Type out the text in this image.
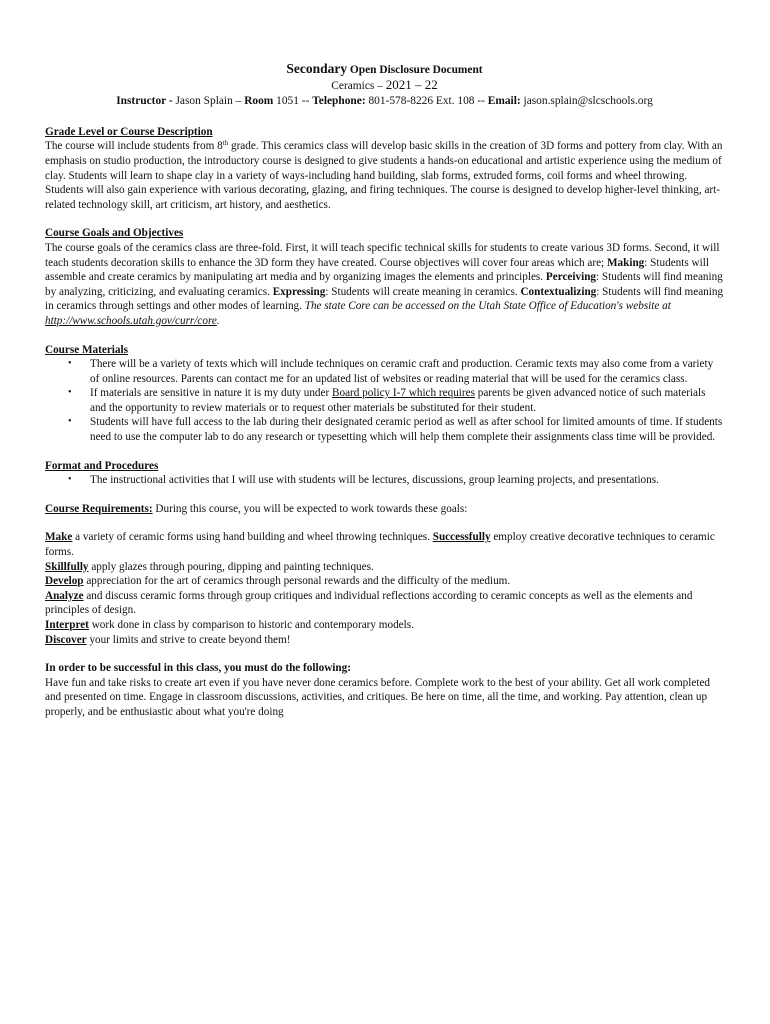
Secondary Open Disclosure Document
Ceramics – 2021 – 22
Instructor - Jason Splain – Room 1051 -- Telephone: 801-578-8226 Ext. 108 -- Email: jason.splain@slcschools.org
Grade Level or Course Description

The course will include students from 8th grade. This ceramics class will develop basic skills in the creation of 3D forms and pottery from clay. With an emphasis on studio production, the introductory course is designed to give students a hands-on educational and artistic experience using the medium of clay. Students will learn to shape clay in a variety of ways-including hand building, slab forms, extruded forms, coil forms and wheel throwing. Students will also gain experience with various decorating, glazing, and firing techniques. The course is designed to develop higher-level thinking, art-related technology skill, art criticism, art history, and aesthetics.

Course Goals and Objectives

The course goals of the ceramics class are three-fold. First, it will teach specific technical skills for students to create various 3D forms. Second, it will teach students decoration skills to enhance the 3D form they have created. Course objectives will cover four areas which are; Making: Students will assemble and create ceramics by manipulating art media and by organizing images the elements and principles. Perceiving: Students will find meaning by analyzing, criticizing, and evaluating ceramics. Expressing: Students will create meaning in ceramics. Contextualizing: Students will find meaning in ceramics through settings and other modes of learning. The state Core can be accessed on the Utah State Office of Education's website at http://www.schools.utah.gov/curr/core.

Course Materials
• There will be a variety of texts which will include techniques on ceramic craft and production. Ceramic texts may also come from a variety of online resources. Parents can contact me for an updated list of websites or reading material that will be used for the ceramics class.
• If materials are sensitive in nature it is my duty under Board policy I-7 which requires parents be given advanced notice of such materials and the opportunity to review materials or to request other materials be substituted for their student.
• Students will have full access to the lab during their designated ceramic period as well as after school for limited amounts of time. If students need to use the computer lab to do any research or typesetting which will help them complete their assignments class time will be provided.
Format and Procedures
• The instructional activities that I will use with students will be lectures, discussions, group learning projects, and presentations.

Course Requirements: During this course, you will be expected to work towards these goals:

Make a variety of ceramic forms using hand building and wheel throwing techniques. Successfully employ creative decorative techniques to ceramic forms.

Skillfully apply glazes through pouring, dipping and painting techniques.

Develop appreciation for the art of ceramics through personal rewards and the difficulty of the medium.

Analyze and discuss ceramic forms through group critiques and individual reflections according to ceramic concepts as well as the elements and principles of design.

Interpret work done in class by comparison to historic and contemporary models.

Discover your limits and strive to create beyond them!

In order to be successful in this class, you must do the following:

Have fun and take risks to create art even if you have never done ceramics before. Complete work to the best of your ability. Get all work completed and presented on time. Engage in classroom discussions, activities, and critiques. Be here on time, all the time, and working. Pay attention, clean up properly, and be enthusiastic about what you're doing
